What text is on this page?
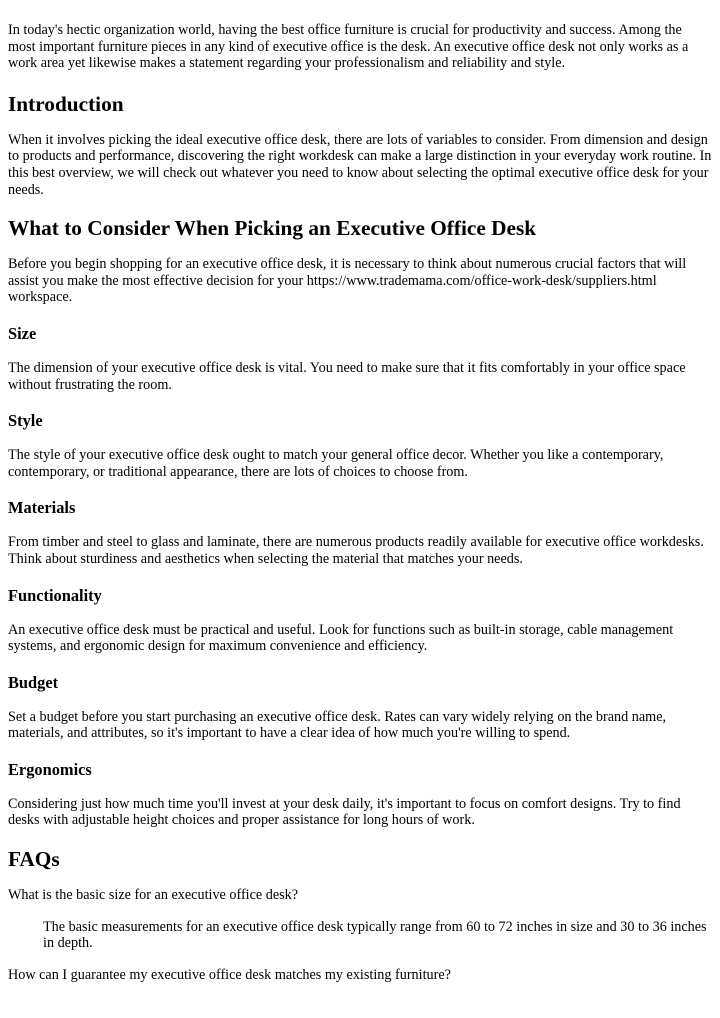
In today's hectic organization world, having the best office furniture is crucial for productivity and success. Among the most important furniture pieces in any kind of executive office is the desk. An executive office desk not only works as a work area yet likewise makes a statement regarding your professionalism and reliability and style.

Introduction

When it involves picking the ideal executive office desk, there are lots of variables to consider. From dimension and design to products and performance, discovering the right workdesk can make a large distinction in your everyday work routine. In this best overview, we will check out whatever you need to know about selecting the optimal executive office desk for your needs.

What to Consider When Picking an Executive Office Desk

Before you begin shopping for an executive office desk, it is necessary to think about numerous crucial factors that will assist you make the most effective decision for your https://www.trademama.com/office-work-desk/suppliers.html workspace.

Size

The dimension of your executive office desk is vital. You need to make sure that it fits comfortably in your office space without frustrating the room.

Style

The style of your executive office desk ought to match your general office decor. Whether you like a contemporary, contemporary, or traditional appearance, there are lots of choices to choose from.

Materials

From timber and steel to glass and laminate, there are numerous products readily available for executive office workdesks. Think about sturdiness and aesthetics when selecting the material that matches your needs.

Functionality

An executive office desk must be practical and useful. Look for functions such as built-in storage, cable management systems, and ergonomic design for maximum convenience and efficiency.

Budget

Set a budget before you start purchasing an executive office desk. Rates can vary widely relying on the brand name, materials, and attributes, so it's important to have a clear idea of how much you're willing to spend.

Ergonomics

Considering just how much time you'll invest at your desk daily, it's important to focus on comfort designs. Try to find desks with adjustable height choices and proper assistance for long hours of work.

FAQs

What is the basic size for an executive office desk?

The basic measurements for an executive office desk typically range from 60 to 72 inches in size and 30 to 36 inches in depth.

How can I guarantee my executive office desk matches my existing furniture?
